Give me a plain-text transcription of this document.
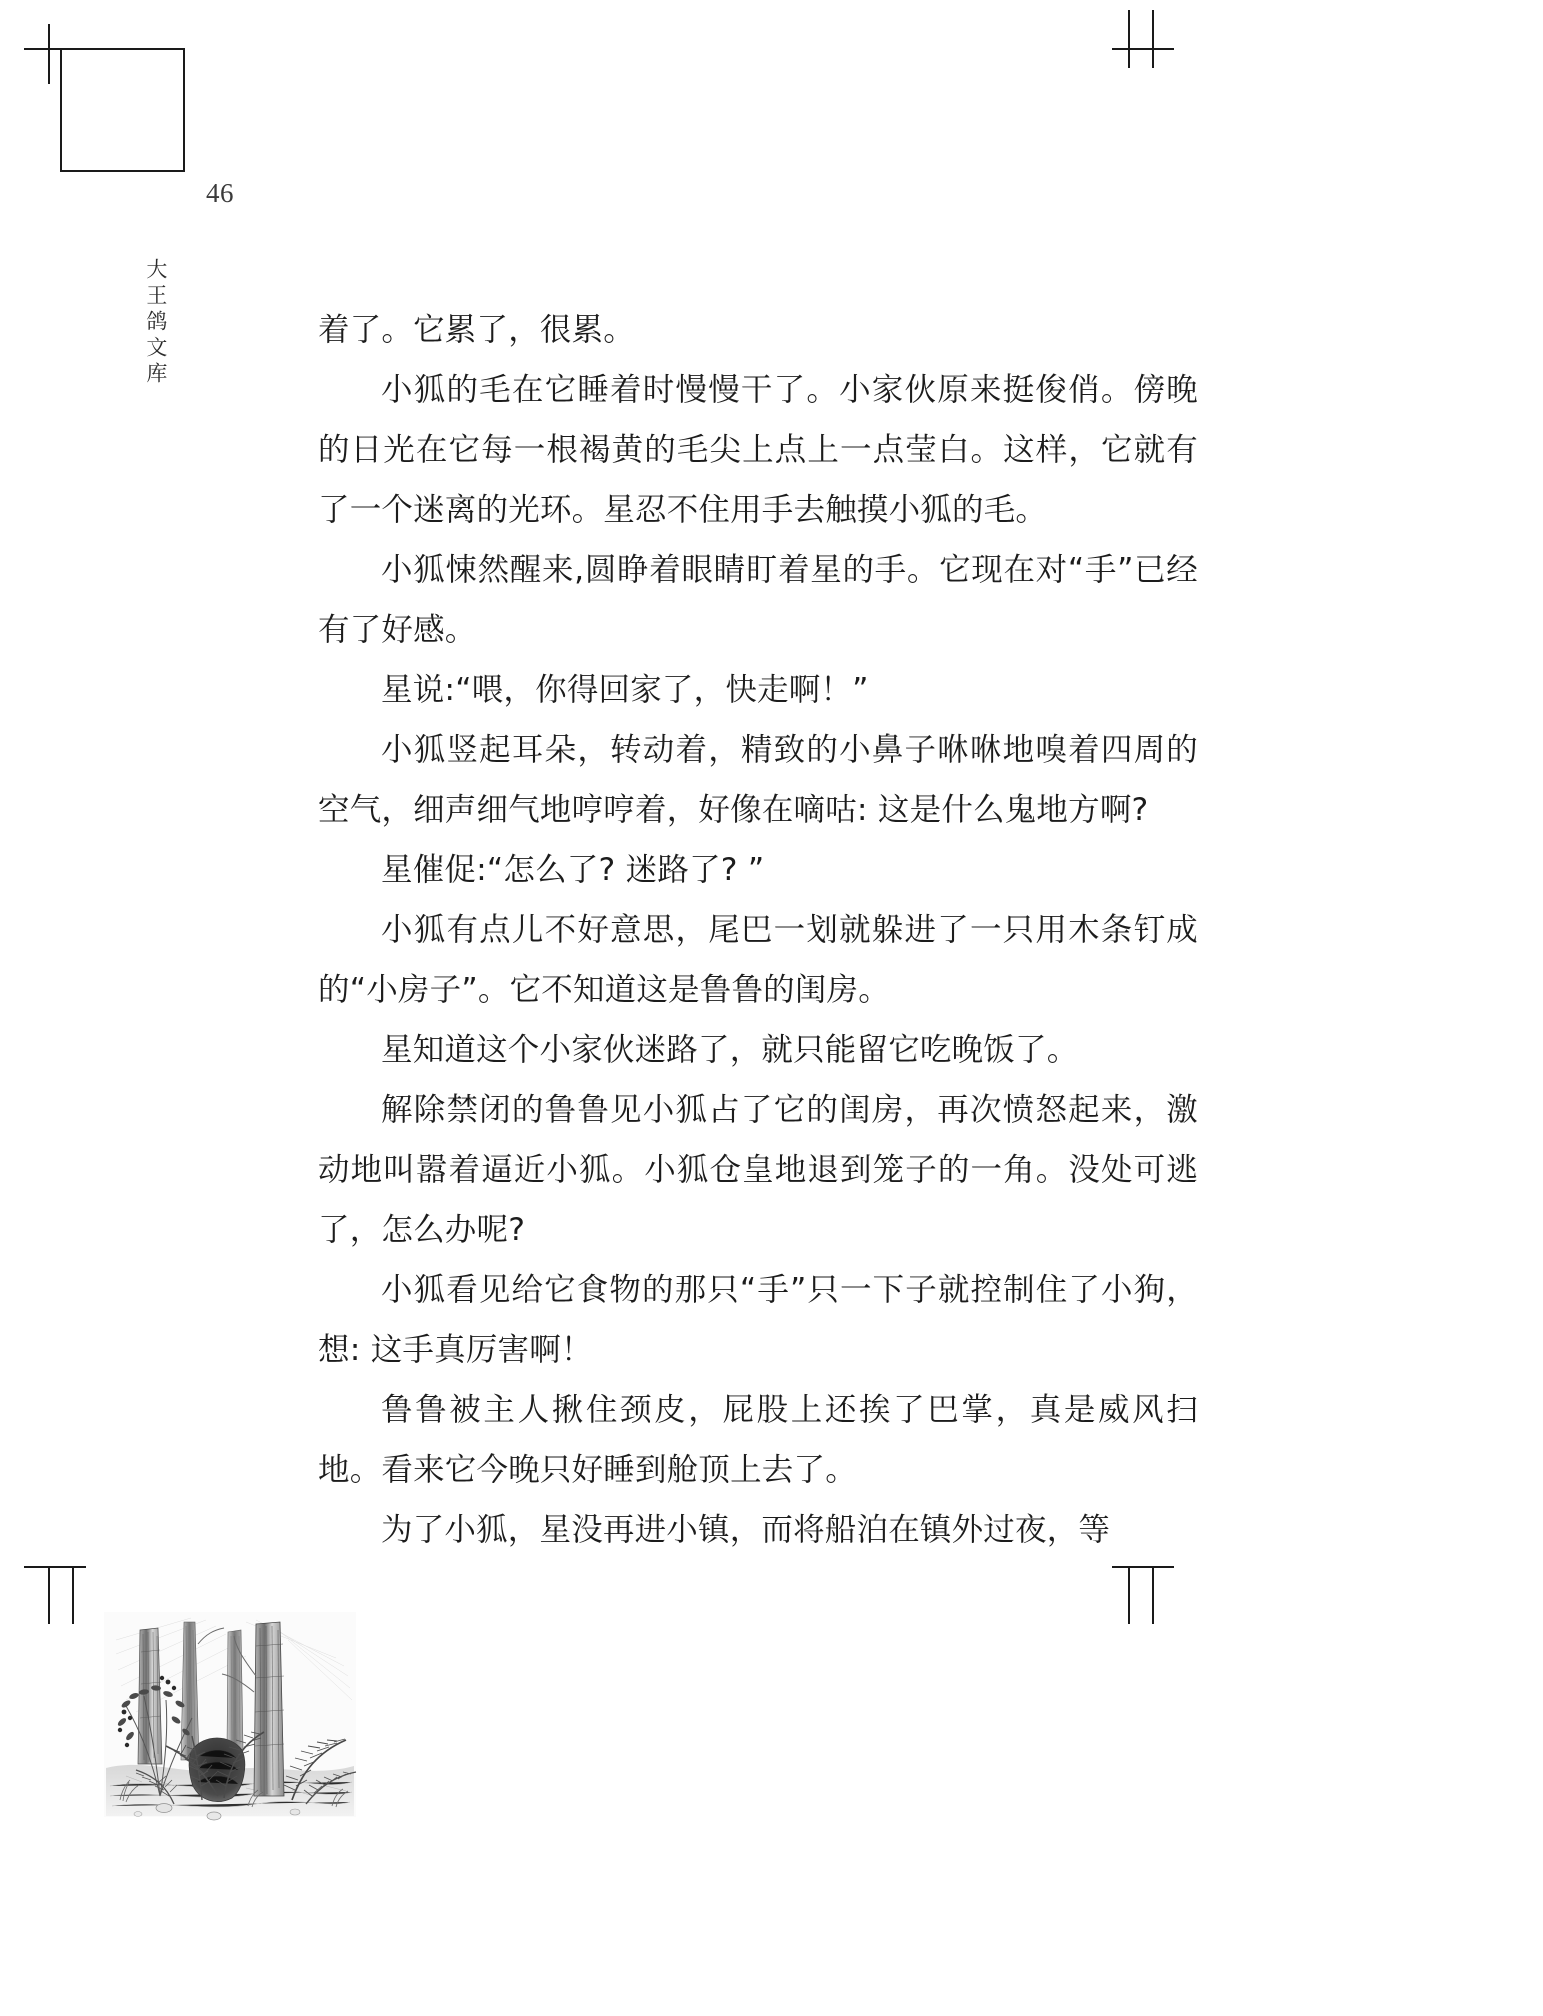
46
大王鸽文库	着了。它累了，很累。

小狐的毛在它睡着时慢慢干了。小家伙原来挺俊俏。傍晚的日光在它每一根褐黄的毛尖上点上一点莹白。这样，它就有了一个迷离的光环。星忍不住用手去触摸小狐的毛。

小狐悚然醒来,圆睁着眼睛盯着星的手。它现在对“手”已经有了好感。

星说:“喂，你得回家了，快走啊！”

小狐竖起耳朵，转动着，精致的小鼻子咻咻地嗅着四周的空气，细声细气地哼哼着，好像在嘀咕: 这是什么鬼地方啊?

星催促:“怎么了? 迷路了? ”

小狐有点儿不好意思，尾巴一划就躲进了一只用木条钉成的“小房子”。它不知道这是鲁鲁的闺房。

星知道这个小家伙迷路了，就只能留它吃晚饭了。

解除禁闭的鲁鲁见小狐占了它的闺房，再次愤怒起来，激动地叫嚣着逼近小狐。小狐仓皇地退到笼子的一角。没处可逃了，怎么办呢?

小狐看见给它食物的那只“手”只一下子就控制住了小狗，想: 这手真厉害啊！

鲁鲁被主人揪住颈皮，屁股上还挨了巴掌，真是威风扫地。看来它今晚只好睡到舱顶上去了。

为了小狐，星没再进小镇，而将船泊在镇外过夜，等
